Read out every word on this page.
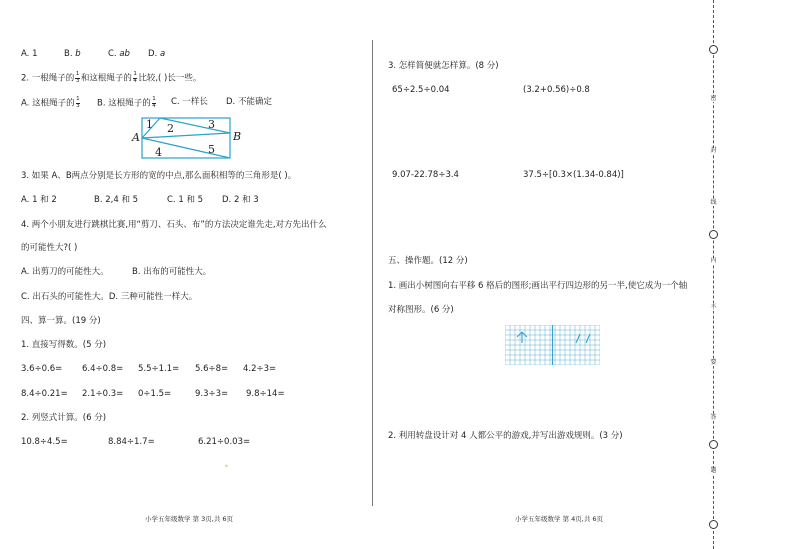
A. 1	B. b	C. ab D. a
2. 一根绳子的 $\frac{1}{3}$ 和这根绳子的 $\frac{1}{4}$ 比较,( )长一些。
A. 这根绳子的 $\frac{1}{3} B$. 这根绳子的 $\frac{1}{4} C$. 一样长 D. 不能确定
A	B
1 2	3
4	5
3. 如果 A、B两点分别是长方形的宽的中点,那么面积相等的三角形是( )。
A. 1 和 2	B. 2,4 和 5	C. 1 和 5 D. 2 和 3
4. 两个小朋友进行跳棋比赛,用“剪刀、石头、布”的方法决定谁先走,对方先出什么
的可能性大?( )
A. 出剪刀的可能性大。	B. 出布的可能性大。
C. 出石头的可能性大。D. 三种可能性一样大。
四、算一算。(19 分)
1. 直接写得数。(5 分)
3.6÷0.6= 6.4÷0.8= 5.5÷1.1= 5.6÷8= 4.2÷3=
8.4÷0.21= 2.1÷0.3= 0÷1.5=	9.3÷3= 9.8÷14=
2. 列竖式计算。(6 分)
10.8÷4.5=	8.84÷1.7=	6.21÷0.03=
•
小学五年级数学 第 3页,共 6页
3. 怎样简便就怎样算。(8 分)
65÷2.5÷0.04	(3.2+0.56)÷0.8
9.07-22.78÷3.4	37.5÷[0.3×(1.34-0.84)]
五、操作题。(12 分)
1. 画出小树图向右平移 6 格后的图形;画出平行四边形的另一半,使它成为一个轴
对称图形。(6 分)
2. 利用转盘设计对 4 人都公平的游戏,并写出游戏规则。(3 分)
小学五年级数学 第 4页,共 6页
密
封
线
内
不
要
答
题
